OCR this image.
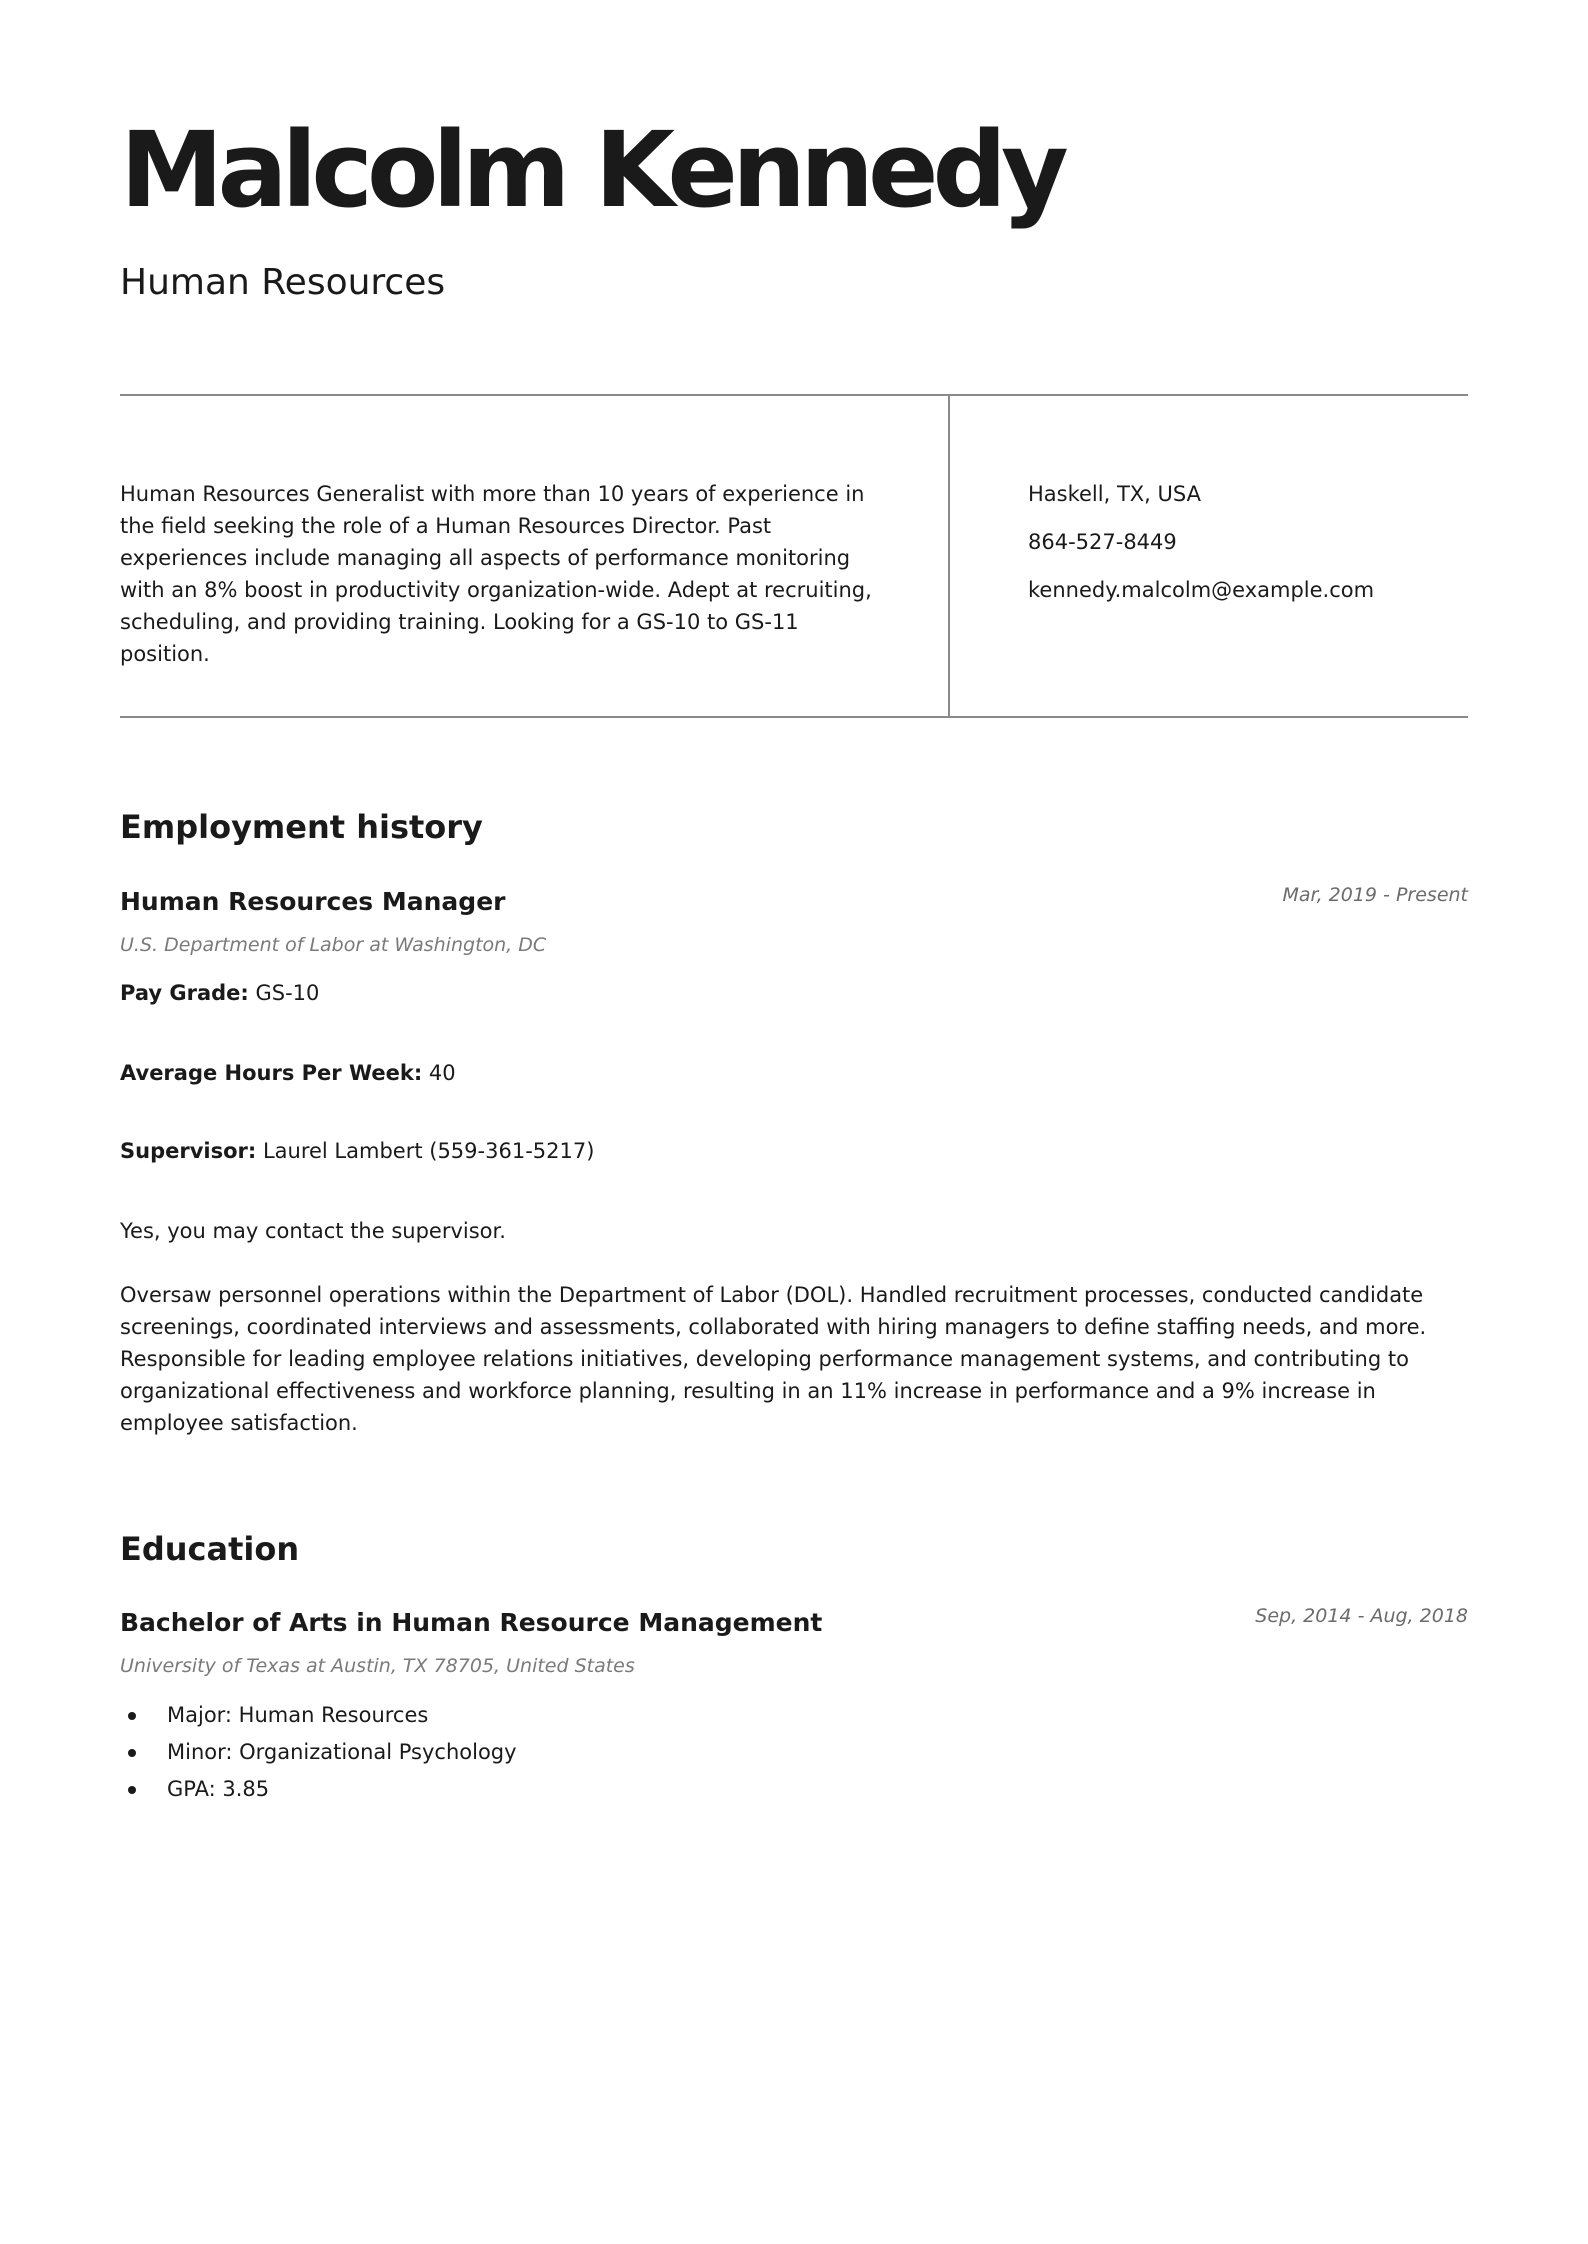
Malcolm Kennedy
Human Resources

Human Resources Generalist with more than 10 years of experience in the field seeking the role of a Human Resources Director. Past experiences include managing all aspects of performance monitoring with an 8% boost in productivity organization-wide. Adept at recruiting, scheduling, and providing training. Looking for a GS-10 to GS-11 position.

Haskell, TX, USA
864-527-8449
kennedy.malcolm@example.com
Employment history
Human Resources Manager	Mar, 2019 - Present

U.S. Department of Labor at Washington, DC

Pay Grade: GS-10

Average Hours Per Week: 40

Supervisor: Laurel Lambert (559-361-5217)

Yes, you may contact the supervisor.

Oversaw personnel operations within the Department of Labor (DOL). Handled recruitment processes, conducted candidate screenings, coordinated interviews and assessments, collaborated with hiring managers to define staffing needs, and more. Responsible for leading employee relations initiatives, developing performance management systems, and contributing to organizational effectiveness and workforce planning, resulting in an 11% increase in performance and a 9% increase in employee satisfaction.

Education
Bachelor of Arts in Human Resource Management	Sep, 2014 - Aug, 2018

University of Texas at Austin, TX 78705, United States

Major: Human Resources
Minor: Organizational Psychology
GPA: 3.85
